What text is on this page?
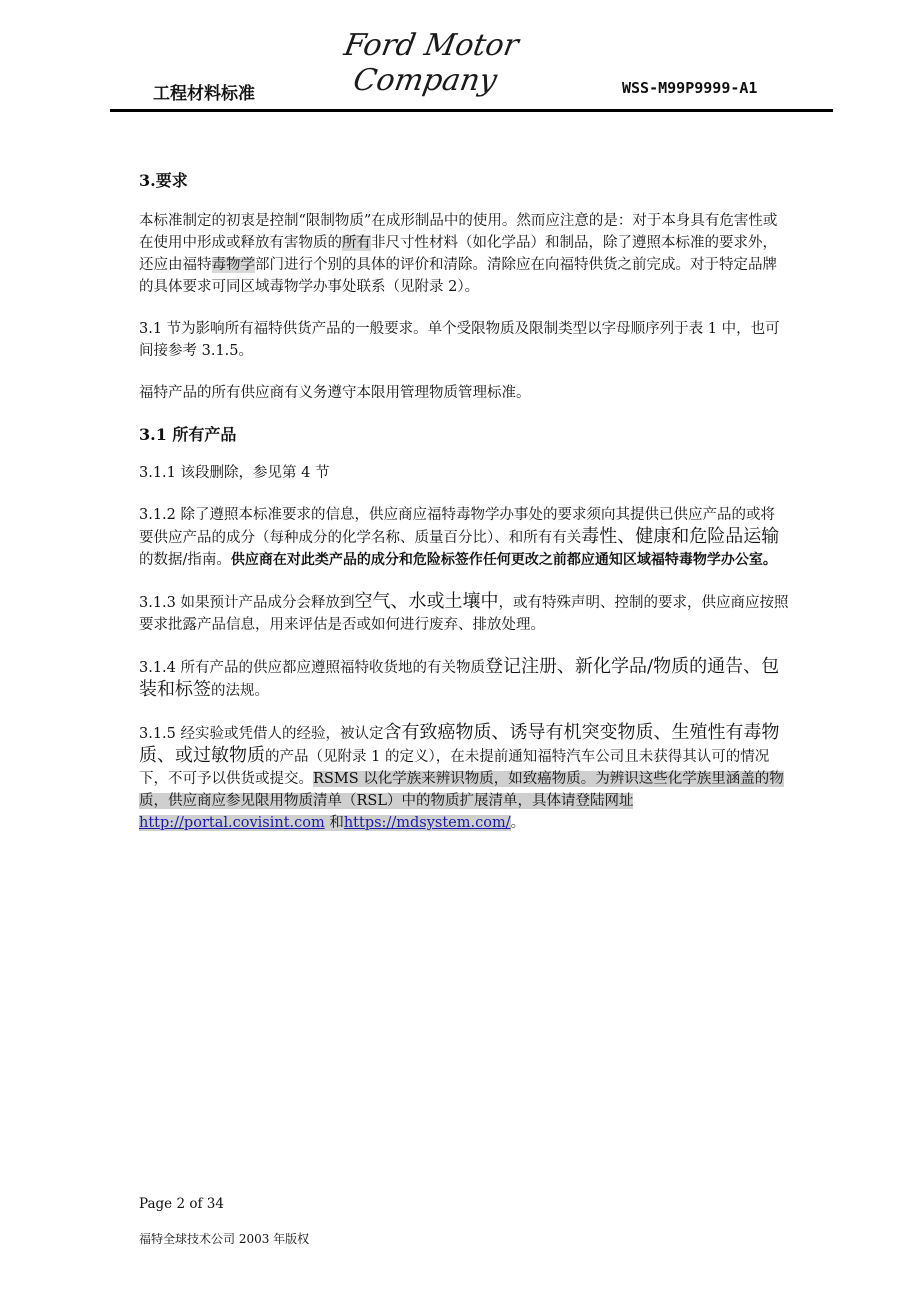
Ford Motor Company
工程材料标准	WSS-M99P9999-A1

3.要求

本标准制定的初衷是控制“限制物质”在成形制品中的使用。然而应注意的是：对于本身具有危害性或在使用中形成或释放有害物质的所有非尺寸性材料（如化学品）和制品，除了遵照本标准的要求外，还应由福特毒物学部门进行个别的具体的评价和清除。清除应在向福特供货之前完成。对于特定品牌的具体要求可同区域毒物学办事处联系（见附录 2）。

3.1 节为影响所有福特供货产品的一般要求。单个受限物质及限制类型以字母顺序列于表 1 中，也可间接参考 3.1.5。

福特产品的所有供应商有义务遵守本限用管理物质管理标准。

3.1 所有产品

3.1.1 该段删除，参见第 4 节

3.1.2 除了遵照本标准要求的信息，供应商应福特毒物学办事处的要求须向其提供已供应产品的或将要供应产品的成分（每种成分的化学名称、质量百分比）、和所有有关毒性、健康和危险品运输的数据/指南。供应商在对此类产品的成分和危险标签作任何更改之前都应通知区域福特毒物学办公室。

3.1.3 如果预计产品成分会释放到空气、水或土壤中，或有特殊声明、控制的要求，供应商应按照要求批露产品信息，用来评估是否或如何进行废弃、排放处理。

3.1.4 所有产品的供应都应遵照福特收货地的有关物质登记注册、新化学品/物质的通告、包装和标签的法规。

3.1.5 经实验或凭借人的经验，被认定含有致癌物质、诱导有机突变物质、生殖性有毒物质、或过敏物质的产品（见附录 1 的定义），在未提前通知福特汽车公司且未获得其认可的情况下，不可予以供货或提交。RSMS 以化学族来辨识物质，如致癌物质。为辨识这些化学族里涵盖的物质，供应商应参见限用物质清单（RSL）中的物质扩展清单，具体请登陆网址 http://portal.covisint.com 和https://mdsystem.com/。

Page 2 of 34
福特全球技术公司 2003 年版权
